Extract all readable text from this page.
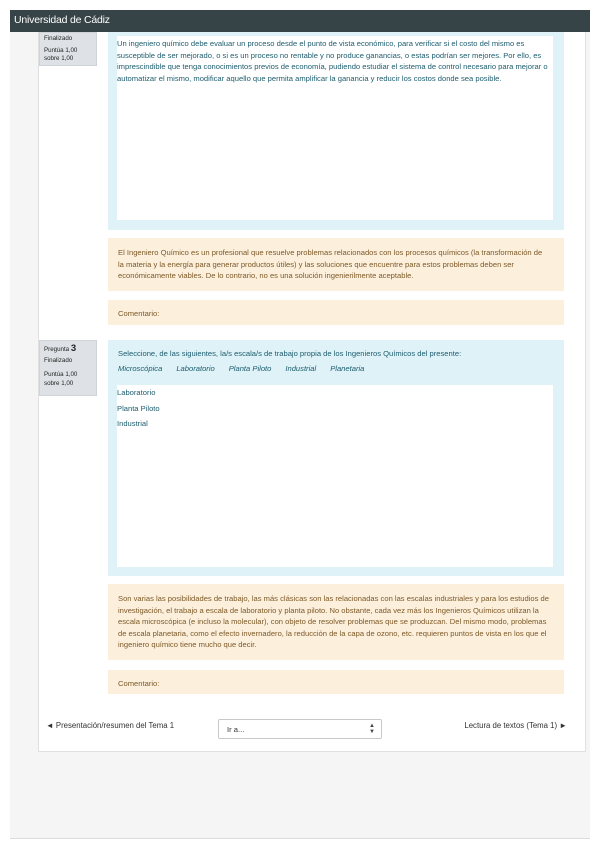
Universidad de Cádiz
Finalizado
Puntúa 1,00
sobre 1,00
Un ingeniero químico debe evaluar un proceso desde el punto de vista económico, para verificar si el costo del mismo es susceptible de ser mejorado, o si es un proceso no rentable y no produce ganancias, o estas podrían ser mejores. Por ello, es imprescindible que tenga conocimientos previos de economía, pudiendo estudiar el sistema de control necesario para mejorar o automatizar el mismo, modificar aquello que permita amplificar la ganancia y reducir los costos donde sea posible.
El Ingeniero Químico es un profesional que resuelve problemas relacionados con los procesos químicos (la transformación de la materia y la energía para generar productos útiles) y las soluciones que encuentre para estos problemas deben ser económicamente viables. De lo contrario, no es una solución ingenierilmente aceptable.
Comentario:
Pregunta 3
Finalizado
Puntúa 1,00
sobre 1,00
Seleccione, de las siguientes, la/s escala/s de trabajo propia de los Ingenieros Químicos del presente:
Microscópica Laboratorio Planta Piloto Industrial Planetaria
Laboratorio
Planta Piloto
Industrial
Son varias las posibilidades de trabajo, las más clásicas son las relacionadas con las escalas industriales y para los estudios de investigación, el trabajo a escala de laboratorio y planta piloto. No obstante, cada vez más los Ingenieros Químicos utilizan la escala microscópica (e incluso la molecular), con objeto de resolver problemas que se produzcan. Del mismo modo, problemas de escala planetaria, como el efecto invernadero, la reducción de la capa de ozono, etc. requieren puntos de vista en los que el ingeniero químico tiene mucho que decir.
Comentario:
◄ Presentación/resumen del Tema 1	Lectura de textos (Tema 1) ►
Ir a...	▲
▼
